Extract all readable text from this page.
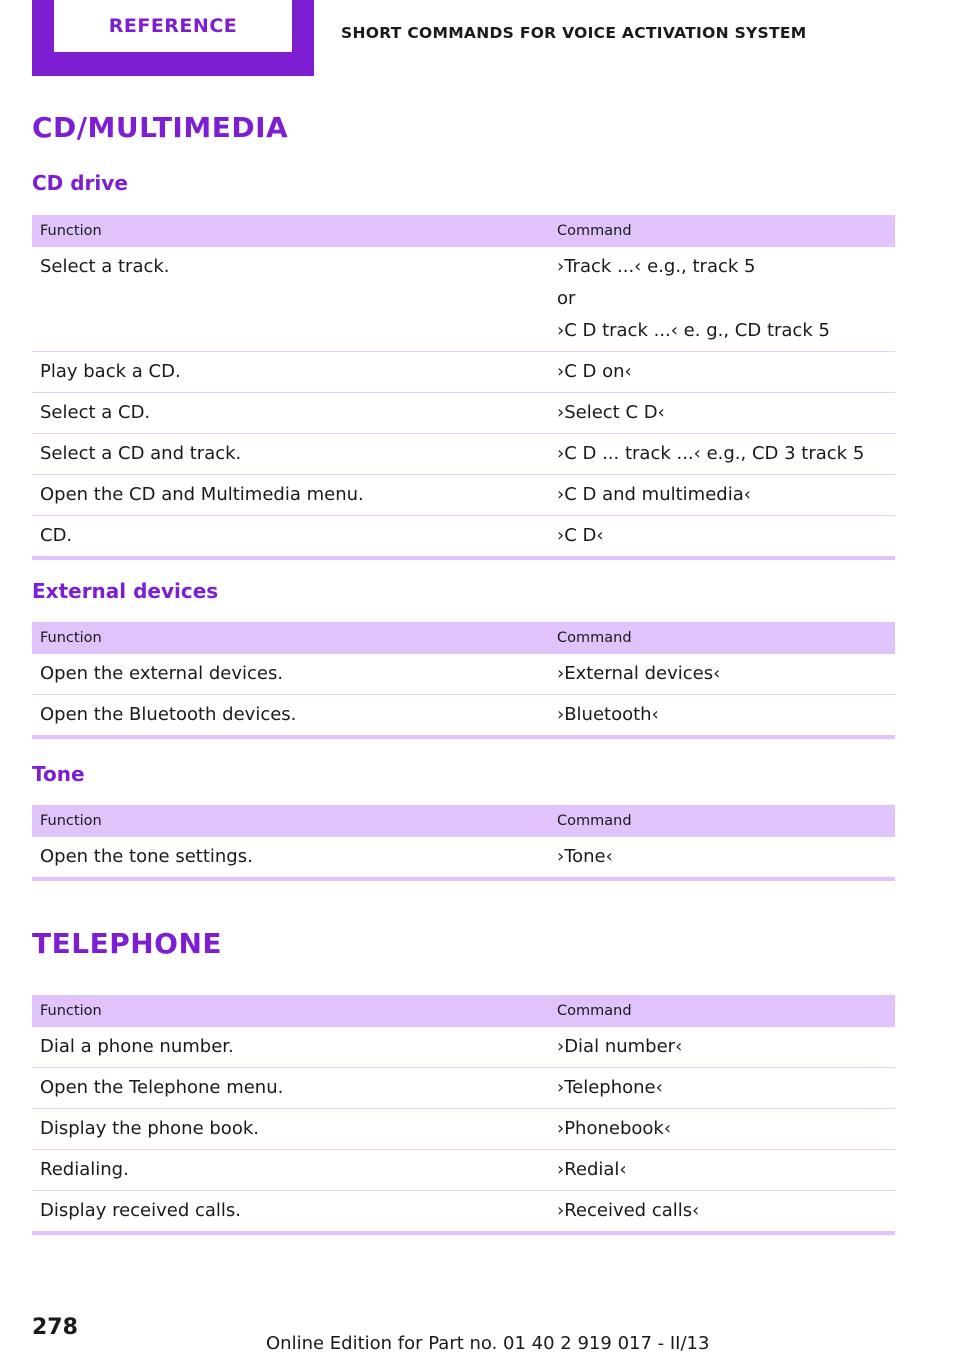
REFERENCE	SHORT COMMANDS FOR VOICE ACTIVATION SYSTEM
CD/MULTIMEDIA
CD drive
Function	Command
Select a track.	›Track ...‹ e.g., track 5
or
›C D track ...‹ e. g., CD track 5

Play back a CD.	›C D on‹

Select a CD.	›Select C D‹

Select a CD and track.	›C D ... track ...‹ e.g., CD 3 track 5

Open the CD and Multimedia menu.	›C D and multimedia‹

CD.	›C D‹
External devices
Function	Command
Open the external devices.	›External devices‹

Open the Bluetooth devices.	›Bluetooth‹
Tone
Function	Command
Open the tone settings.	›Tone‹
TELEPHONE
Function	Command
Dial a phone number.	›Dial number‹

Open the Telephone menu.	›Telephone‹

Display the phone book.	›Phonebook‹

Redialing.	›Redial‹

Display received calls.	›Received calls‹
278
Online Edition for Part no. 01 40 2 919 017 - II/13
